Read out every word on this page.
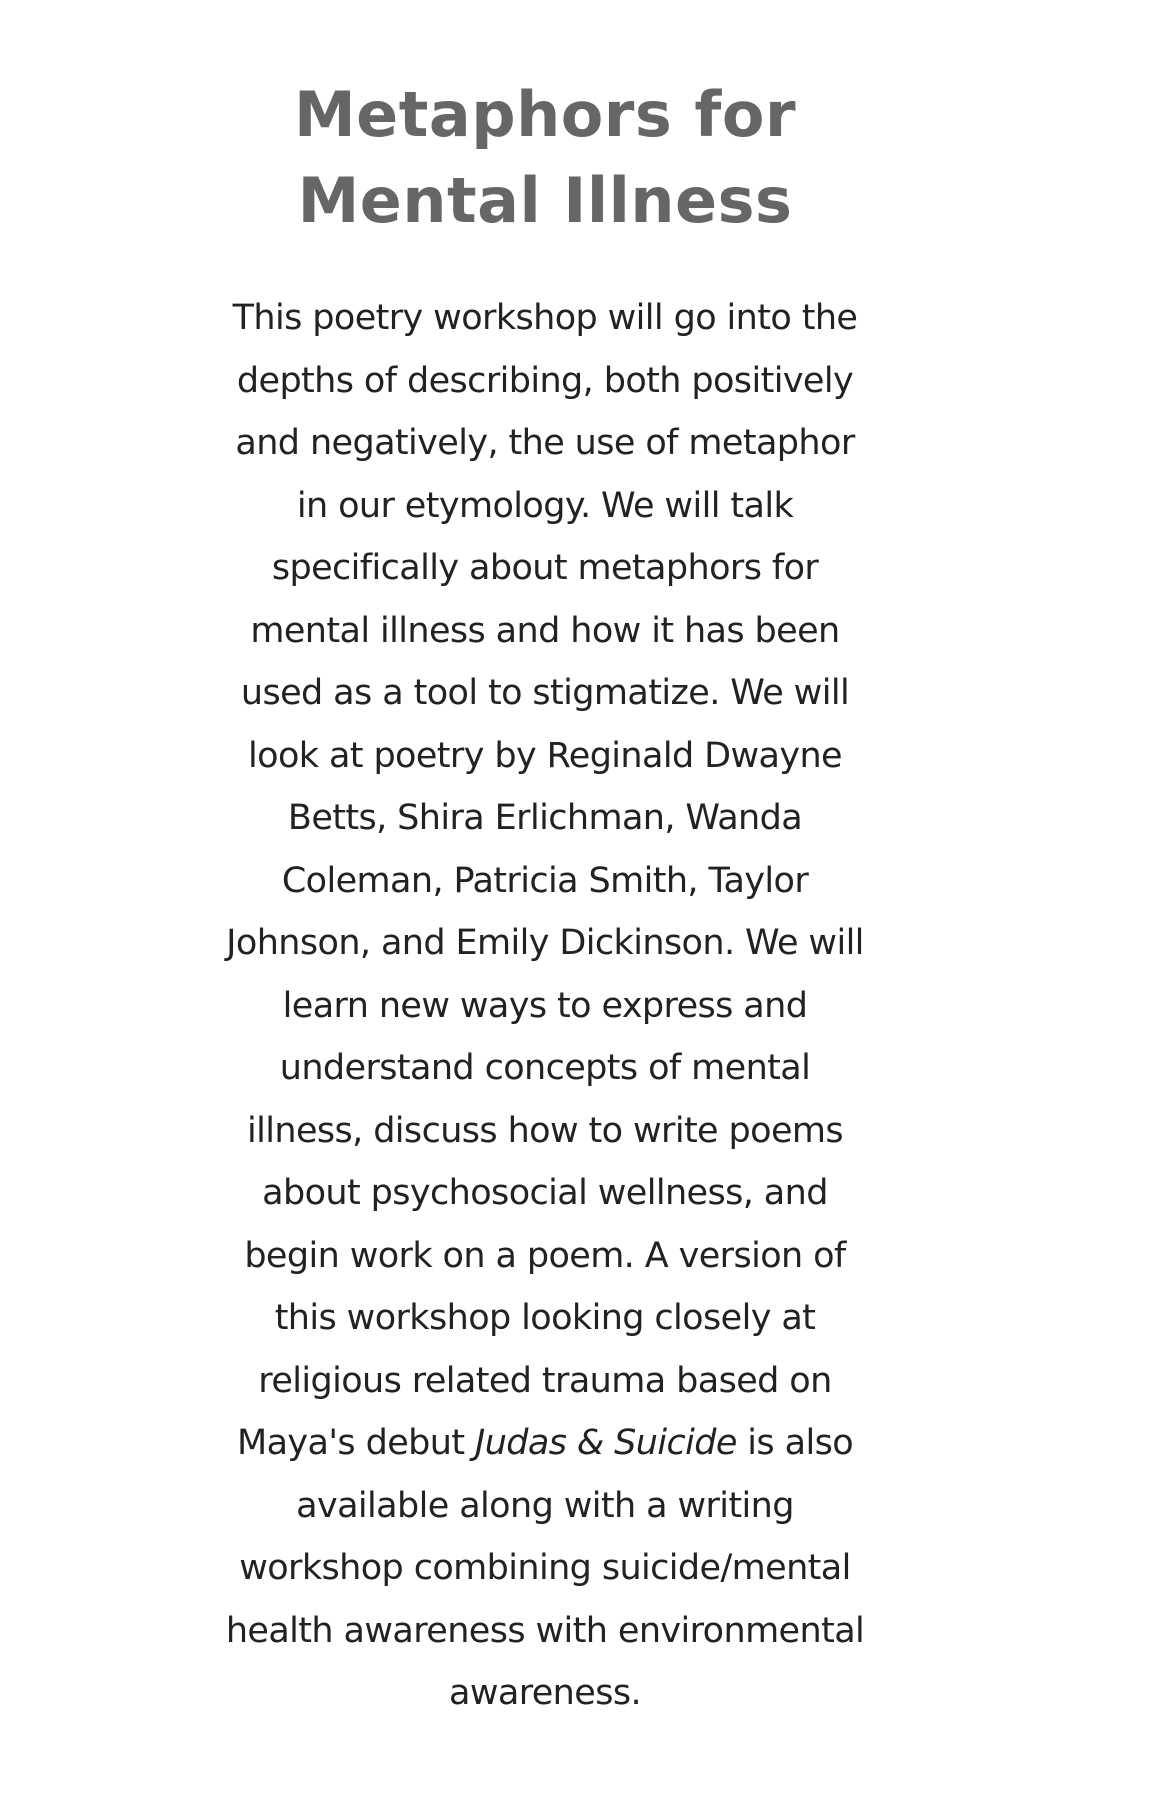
Metaphors for
Mental Illness

This poetry workshop will go into the
depths of describing, both positively
and negatively, the use of metaphor
in our etymology. We will talk
specifically about metaphors for
mental illness and how it has been
used as a tool to stigmatize. We will
look at poetry by Reginald Dwayne
Betts, Shira Erlichman, Wanda
Coleman, Patricia Smith, Taylor
Johnson, and Emily Dickinson. We will
learn new ways to express and
understand concepts of mental
illness, discuss how to write poems
about psychosocial wellness, and
begin work on a poem. A version of
this workshop looking closely at
religious related trauma based on
Maya's debut Judas & Suicide is also
available along with a writing
workshop combining suicide/mental
health awareness with environmental
awareness.
